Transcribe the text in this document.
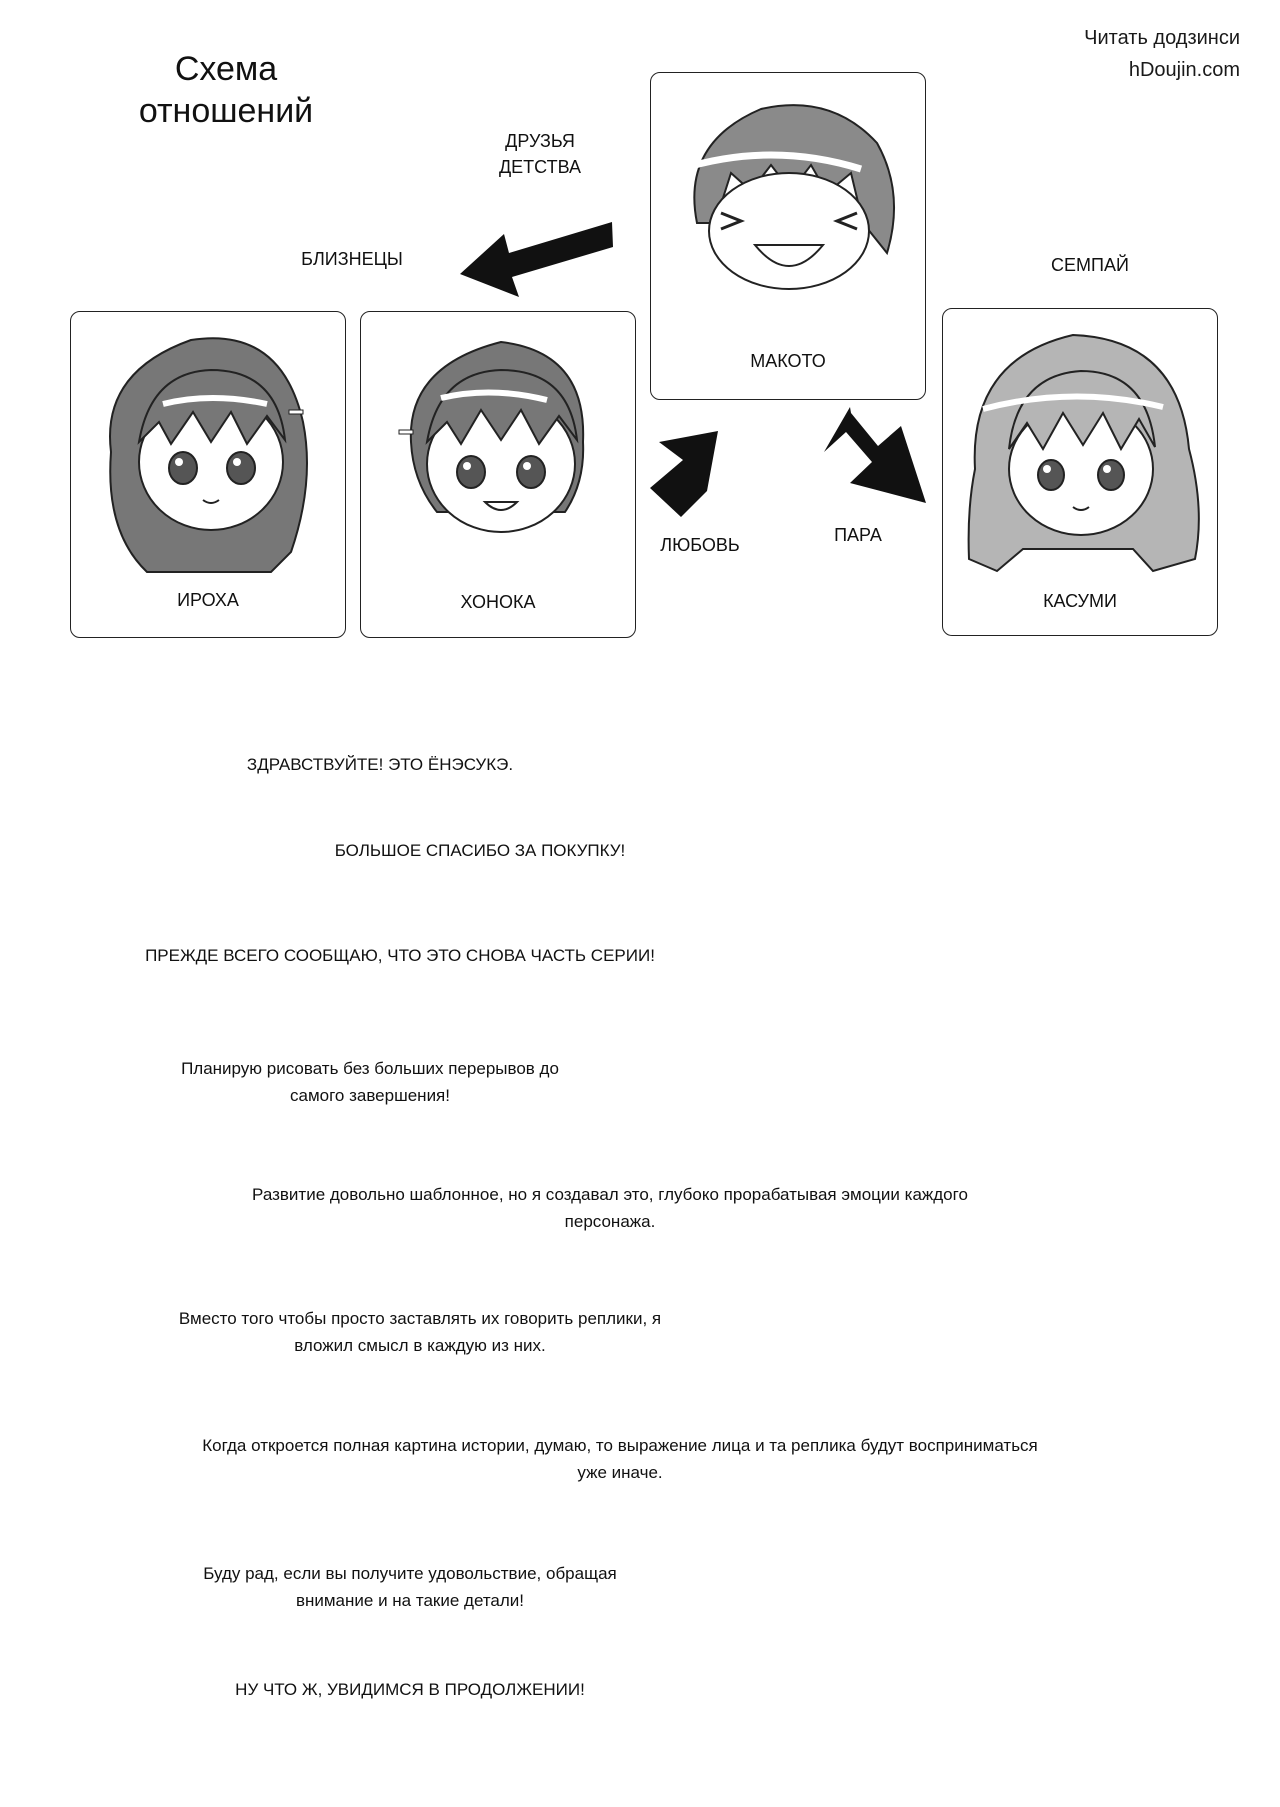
Читать додзинси
hDoujin.com
Схема
отношений
ДРУЗЬЯ
ДЕТСТВА
БЛИЗНЕЦЫ	СЕМПАЙ
ЛЮБОВЬ	ПАРА
ИРОХА	ХОНОКА
МАКОТО
КАСУМИ
ЗДРАВСТВУЙТЕ! ЭТО ЁНЭСУКЭ.
БОЛЬШОЕ СПАСИБО ЗА ПОКУПКУ!
ПРЕЖДЕ ВСЕГО СООБЩАЮ, ЧТО ЭТО СНОВА ЧАСТЬ СЕРИИ!
Планирую рисовать без больших перерывов до
самого завершения!
Развитие довольно шаблонное, но я создавал это, глубоко прорабатывая эмоции каждого
персонажа.
Вместо того чтобы просто заставлять их говорить реплики, я
вложил смысл в каждую из них.
Когда откроется полная картина истории, думаю, то выражение лица и та реплика будут восприниматься
уже иначе.
Буду рад, если вы получите удовольствие, обращая
внимание и на такие детали!
НУ ЧТО Ж, УВИДИМСЯ В ПРОДОЛЖЕНИИ!
